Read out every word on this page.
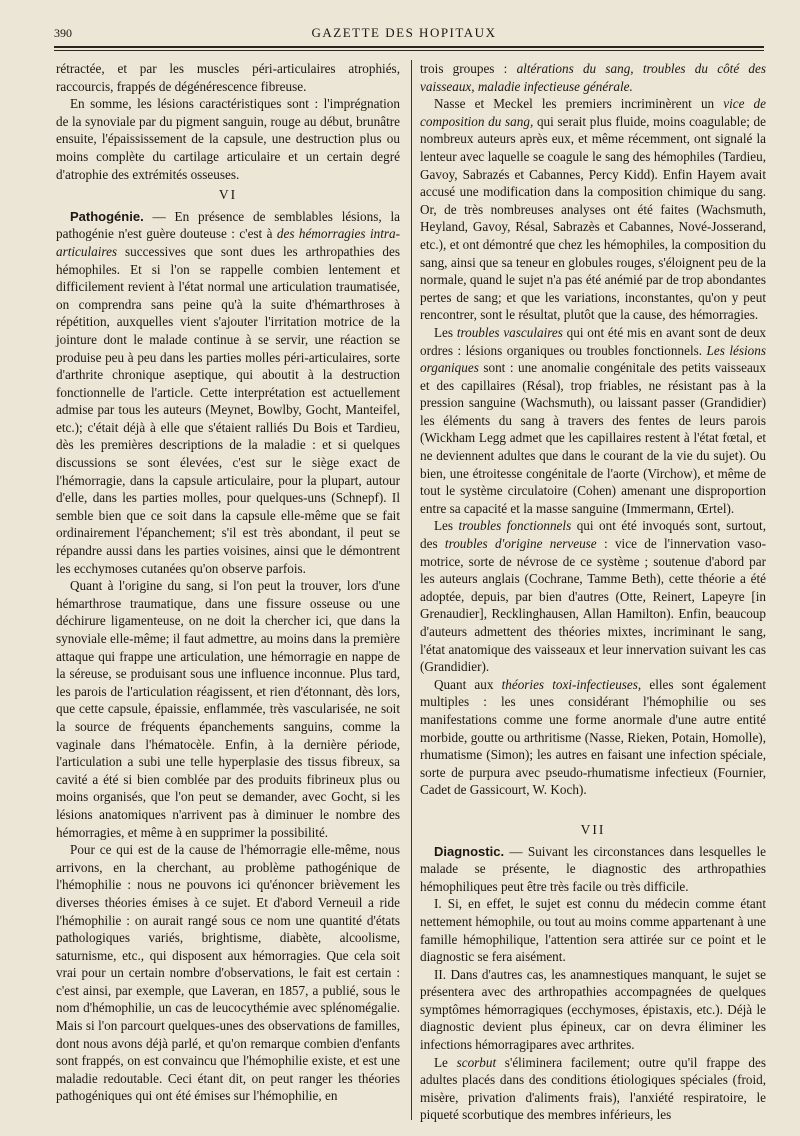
390	GAZETTE DES HOPITAUX

rétractée, et par les muscles péri-articulaires atrophiés, raccourcis, frappés de dégénérescence fibreuse.

En somme, les lésions caractéristiques sont : l'imprégnation de la synoviale par du pigment sanguin, rouge au début, brunâtre ensuite, l'épaississement de la capsule, une destruction plus ou moins complète du cartilage articulaire et un certain degré d'atrophie des extrémités osseuses.

VI

Pathogénie. — En présence de semblables lésions, la pathogénie n'est guère douteuse : c'est à des hémorragies intra-articulaires successives que sont dues les arthropathies des hémophiles. Et si l'on se rappelle combien lentement et difficilement revient à l'état normal une articulation traumatisée, on comprendra sans peine qu'à la suite d'hémarthroses à répétition, auxquelles vient s'ajouter l'irritation motrice de la jointure dont le malade continue à se servir, une réaction se produise peu à peu dans les parties molles péri-articulaires, sorte d'arthrite chronique aseptique, qui aboutit à la destruction fonctionnelle de l'article. Cette interprétation est actuellement admise par tous les auteurs (Meynet, Bowlby, Gocht, Manteifel, etc.); c'était déjà à elle que s'étaient ralliés Du Bois et Tardieu, dès les premières descriptions de la maladie : et si quelques discussions se sont élevées, c'est sur le siège exact de l'hémorragie, dans la capsule articulaire, pour la plupart, autour d'elle, dans les parties molles, pour quelques-uns (Schnepf). Il semble bien que ce soit dans la capsule elle-même que se fait ordinairement l'épanchement; s'il est très abondant, il peut se répandre aussi dans les parties voisines, ainsi que le démontrent les ecchymoses cutanées qu'on observe parfois.

Quant à l'origine du sang, si l'on peut la trouver, lors d'une hémarthrose traumatique, dans une fissure osseuse ou une déchirure ligamenteuse, on ne doit la chercher ici, que dans la synoviale elle-même; il faut admettre, au moins dans la première attaque qui frappe une articulation, une hémorragie en nappe de la séreuse, se produisant sous une influence inconnue. Plus tard, les parois de l'articulation réagissent, et rien d'étonnant, dès lors, que cette capsule, épaissie, enflammée, très vascularisée, ne soit la source de fréquents épanchements sanguins, comme la vaginale dans l'hématocèle. Enfin, à la dernière période, l'articulation a subi une telle hyperplasie des tissus fibreux, sa cavité a été si bien comblée par des produits fibrineux plus ou moins organisés, que l'on peut se demander, avec Gocht, si les lésions anatomiques n'arrivent pas à diminuer le nombre des hémorragies, et même à en supprimer la possibilité.

Pour ce qui est de la cause de l'hémorragie elle-même, nous arrivons, en la cherchant, au problème pathogénique de l'hémophilie : nous ne pouvons ici qu'énoncer brièvement les diverses théories émises à ce sujet. Et d'abord Verneuil a ride l'hémophilie : on aurait rangé sous ce nom une quantité d'états pathologiques variés, brightisme, diabète, alcoolisme, saturnisme, etc., qui disposent aux hémorragies. Que cela soit vrai pour un certain nombre d'observations, le fait est certain : c'est ainsi, par exemple, que Laveran, en 1857, a publié, sous le nom d'hémophilie, un cas de leucocythémie avec splénomégalie. Mais si l'on parcourt quelques-unes des observations de familles, dont nous avons déjà parlé, et qu'on remarque combien d'enfants sont frappés, on est convaincu que l'hémophilie existe, et est une maladie redoutable. Ceci étant dit, on peut ranger les théories pathogéniques qui ont été émises sur l'hémophilie, en

trois groupes : altérations du sang, troubles du côté des vaisseaux, maladie infectieuse générale.

Nasse et Meckel les premiers incriminèrent un vice de composition du sang, qui serait plus fluide, moins coagulable; de nombreux auteurs après eux, et même récemment, ont signalé la lenteur avec laquelle se coagule le sang des hémophiles (Tardieu, Gavoy, Sabrazés et Cabannes, Percy Kidd). Enfin Hayem avait accusé une modification dans la composition chimique du sang. Or, de très nombreuses analyses ont été faites (Wachsmuth, Heyland, Gavoy, Résal, Sabrazès et Cabannes, Nové-Josserand, etc.), et ont démontré que chez les hémophiles, la composition du sang, ainsi que sa teneur en globules rouges, s'éloignent peu de la normale, quand le sujet n'a pas été anémié par de trop abondantes pertes de sang; et que les variations, inconstantes, qu'on y peut rencontrer, sont le résultat, plutôt que la cause, des hémorragies.

Les troubles vasculaires qui ont été mis en avant sont de deux ordres : lésions organiques ou troubles fonctionnels. Les lésions organiques sont : une anomalie congénitale des petits vaisseaux et des capillaires (Résal), trop friables, ne résistant pas à la pression sanguine (Wachsmuth), ou laissant passer (Grandidier) les éléments du sang à travers des fentes de leurs parois (Wickham Legg admet que les capillaires restent à l'état fœtal, et ne deviennent adultes que dans le courant de la vie du sujet). Ou bien, une étroitesse congénitale de l'aorte (Virchow), et même de tout le système circulatoire (Cohen) amenant une disproportion entre sa capacité et la masse sanguine (Immermann, Œrtel).

Les troubles fonctionnels qui ont été invoqués sont, surtout, des troubles d'origine nerveuse : vice de l'innervation vaso-motrice, sorte de névrose de ce système ; soutenue d'abord par les auteurs anglais (Cochrane, Tamme Beth), cette théorie a été adoptée, depuis, par bien d'autres (Otte, Reinert, Lapeyre [in Grenaudier], Recklinghausen, Allan Hamilton). Enfin, beaucoup d'auteurs admettent des théories mixtes, incriminant le sang, l'état anatomique des vaisseaux et leur innervation suivant les cas (Grandidier).

Quant aux théories toxi-infectieuses, elles sont également multiples : les unes considérant l'hémophilie ou ses manifestations comme une forme anormale d'une autre entité morbide, goutte ou arthritisme (Nasse, Rieken, Potain, Homolle), rhumatisme (Simon); les autres en faisant une infection spéciale, sorte de purpura avec pseudo-rhumatisme infectieux (Fournier, Cadet de Gassicourt, W. Koch).

VII

Diagnostic. — Suivant les circonstances dans lesquelles le malade se présente, le diagnostic des arthropathies hémophiliques peut être très facile ou très difficile.

I. Si, en effet, le sujet est connu du médecin comme étant nettement hémophile, ou tout au moins comme appartenant à une famille hémophilique, l'attention sera attirée sur ce point et le diagnostic se fera aisément.

II. Dans d'autres cas, les anamnestiques manquant, le sujet se présentera avec des arthropathies accompagnées de quelques symptômes hémorragiques (ecchymoses, épistaxis, etc.). Déjà le diagnostic devient plus épineux, car on devra éliminer les infections hémorragipares avec arthrites.

Le scorbut s'éliminera facilement; outre qu'il frappe des adultes placés dans des conditions étiologiques spéciales (froid, misère, privation d'aliments frais), l'anxiété respiratoire, le piqueté scorbutique des membres inférieurs, les
